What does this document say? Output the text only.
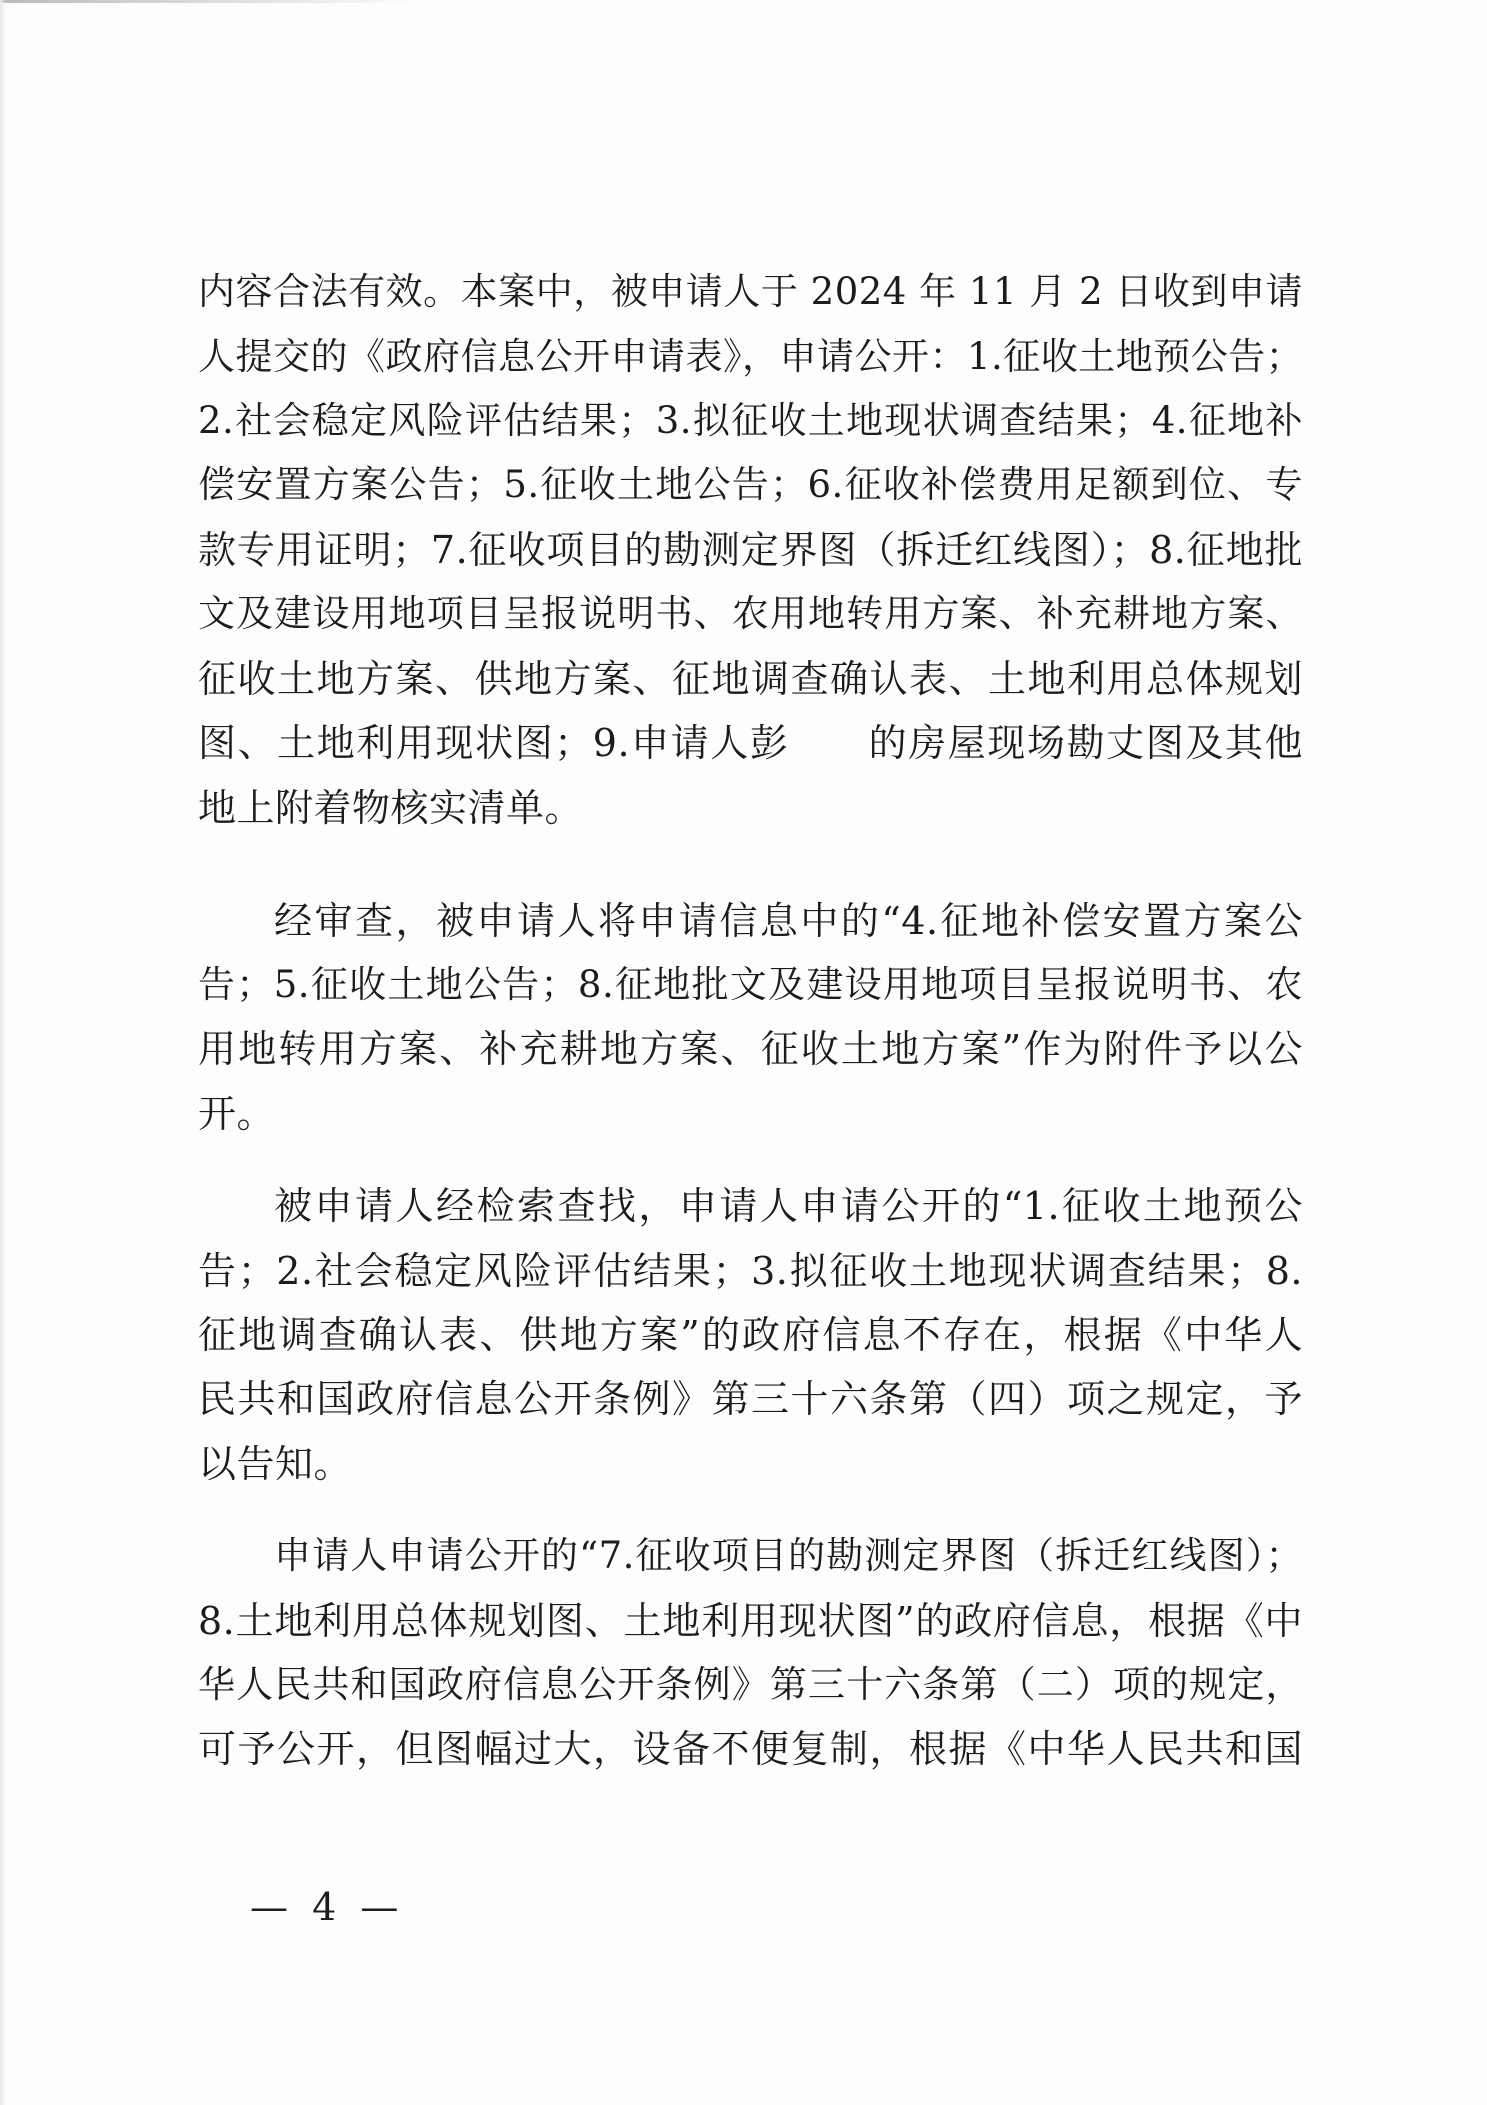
内容合法有效。本案中，被申请人于 2024 年 11 月 2 日收到申请

人提交的《政府信息公开申请表》，申请公开：1.征收土地预公告；

2.社会稳定风险评估结果；3.拟征收土地现状调查结果；4.征地补

偿安置方案公告；5.征收土地公告；6.征收补偿费用足额到位、专

款专用证明；7.征收项目的勘测定界图（拆迁红线图）；8.征地批

文及建设用地项目呈报说明书、农用地转用方案、补充耕地方案、

征收土地方案、供地方案、征地调查确认表、土地利用总体规划

图、土地利用现状图；9.申请人彭　　的房屋现场勘丈图及其他

地上附着物核实清单。

经审查，被申请人将申请信息中的“4.征地补偿安置方案公

告；5.征收土地公告；8.征地批文及建设用地项目呈报说明书、农

用地转用方案、补充耕地方案、征收土地方案”作为附件予以公

开。

被申请人经检索查找，申请人申请公开的“1.征收土地预公

告；2.社会稳定风险评估结果；3.拟征收土地现状调查结果；8.

征地调查确认表、供地方案”的政府信息不存在，根据《中华人

民共和国政府信息公开条例》第三十六条第（四）项之规定，予

以告知。

申请人申请公开的“7.征收项目的勘测定界图（拆迁红线图）；

8.土地利用总体规划图、土地利用现状图”的政府信息，根据《中

华人民共和国政府信息公开条例》第三十六条第（二）项的规定，

可予公开，但图幅过大，设备不便复制，根据《中华人民共和国

— 4 —
